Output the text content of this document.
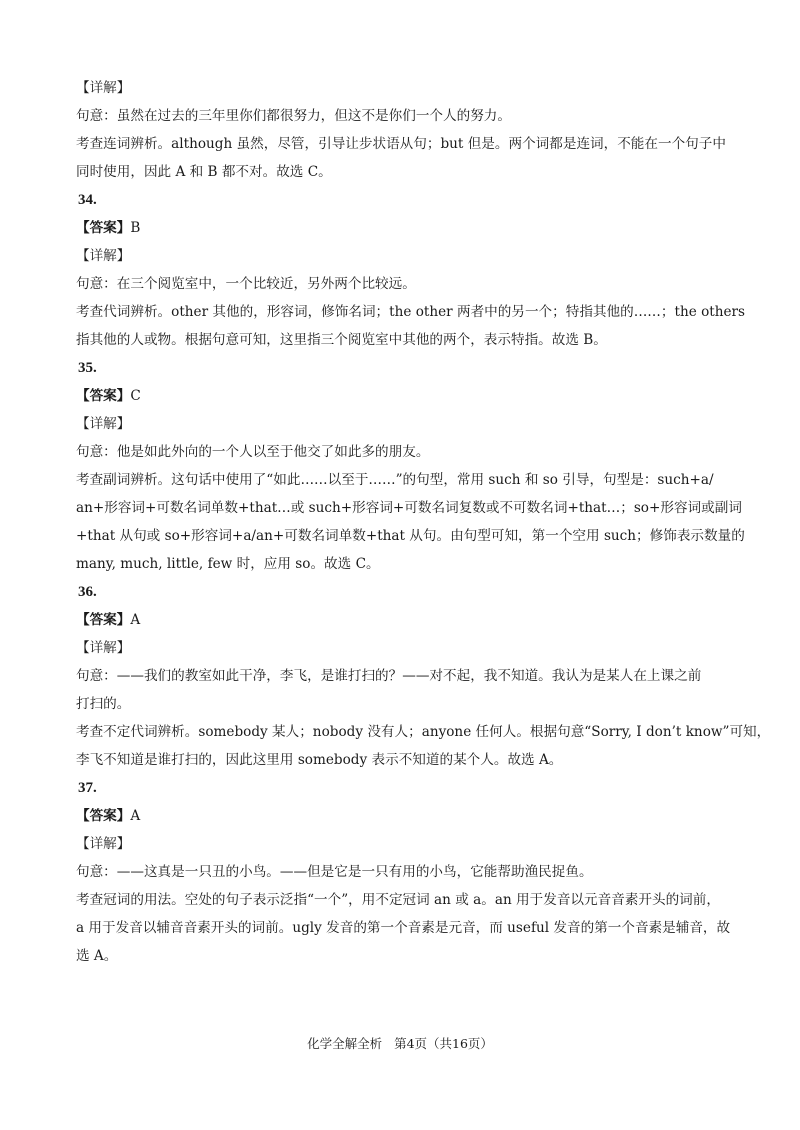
【详解】
句意：虽然在过去的三年里你们都很努力，但这不是你们一个人的努力。
考查连词辨析。although 虽然，尽管，引导让步状语从句；but 但是。两个词都是连词，不能在一个句子中
同时使用，因此 A 和 B 都不对。故选 C。
34.
【答案】B
【详解】
句意：在三个阅览室中，一个比较近，另外两个比较远。
考查代词辨析。other 其他的，形容词，修饰名词；the other 两者中的另一个；特指其他的……；the others
指其他的人或物。根据句意可知，这里指三个阅览室中其他的两个，表示特指。故选 B。
35.
【答案】C
【详解】
句意：他是如此外向的一个人以至于他交了如此多的朋友。
考查副词辨析。这句话中使用了“如此……以至于……”的句型，常用 such 和 so 引导，句型是：such+a/
an+形容词+可数名词单数+that…或 such+形容词+可数名词复数或不可数名词+that…；so+形容词或副词
+that 从句或 so+形容词+a/an+可数名词单数+that 从句。由句型可知，第一个空用 such；修饰表示数量的
many, much, little, few 时，应用 so。故选 C。
36.
【答案】A
【详解】
句意：——我们的教室如此干净，李飞，是谁打扫的？——对不起，我不知道。我认为是某人在上课之前
打扫的。
考查不定代词辨析。somebody 某人；nobody 没有人；anyone 任何人。根据句意“Sorry, I don’t know”可知，
李飞不知道是谁打扫的，因此这里用 somebody 表示不知道的某个人。故选 A。
37.
【答案】A
【详解】
句意：——这真是一只丑的小鸟。——但是它是一只有用的小鸟，它能帮助渔民捉鱼。
考查冠词的用法。空处的句子表示泛指“一个”，用不定冠词 an 或 a。an 用于发音以元音音素开头的词前，
a 用于发音以辅音音素开头的词前。ugly 发音的第一个音素是元音，而 useful 发音的第一个音素是辅音，故
选 A。
化学全解全析 第4页（共16页）
